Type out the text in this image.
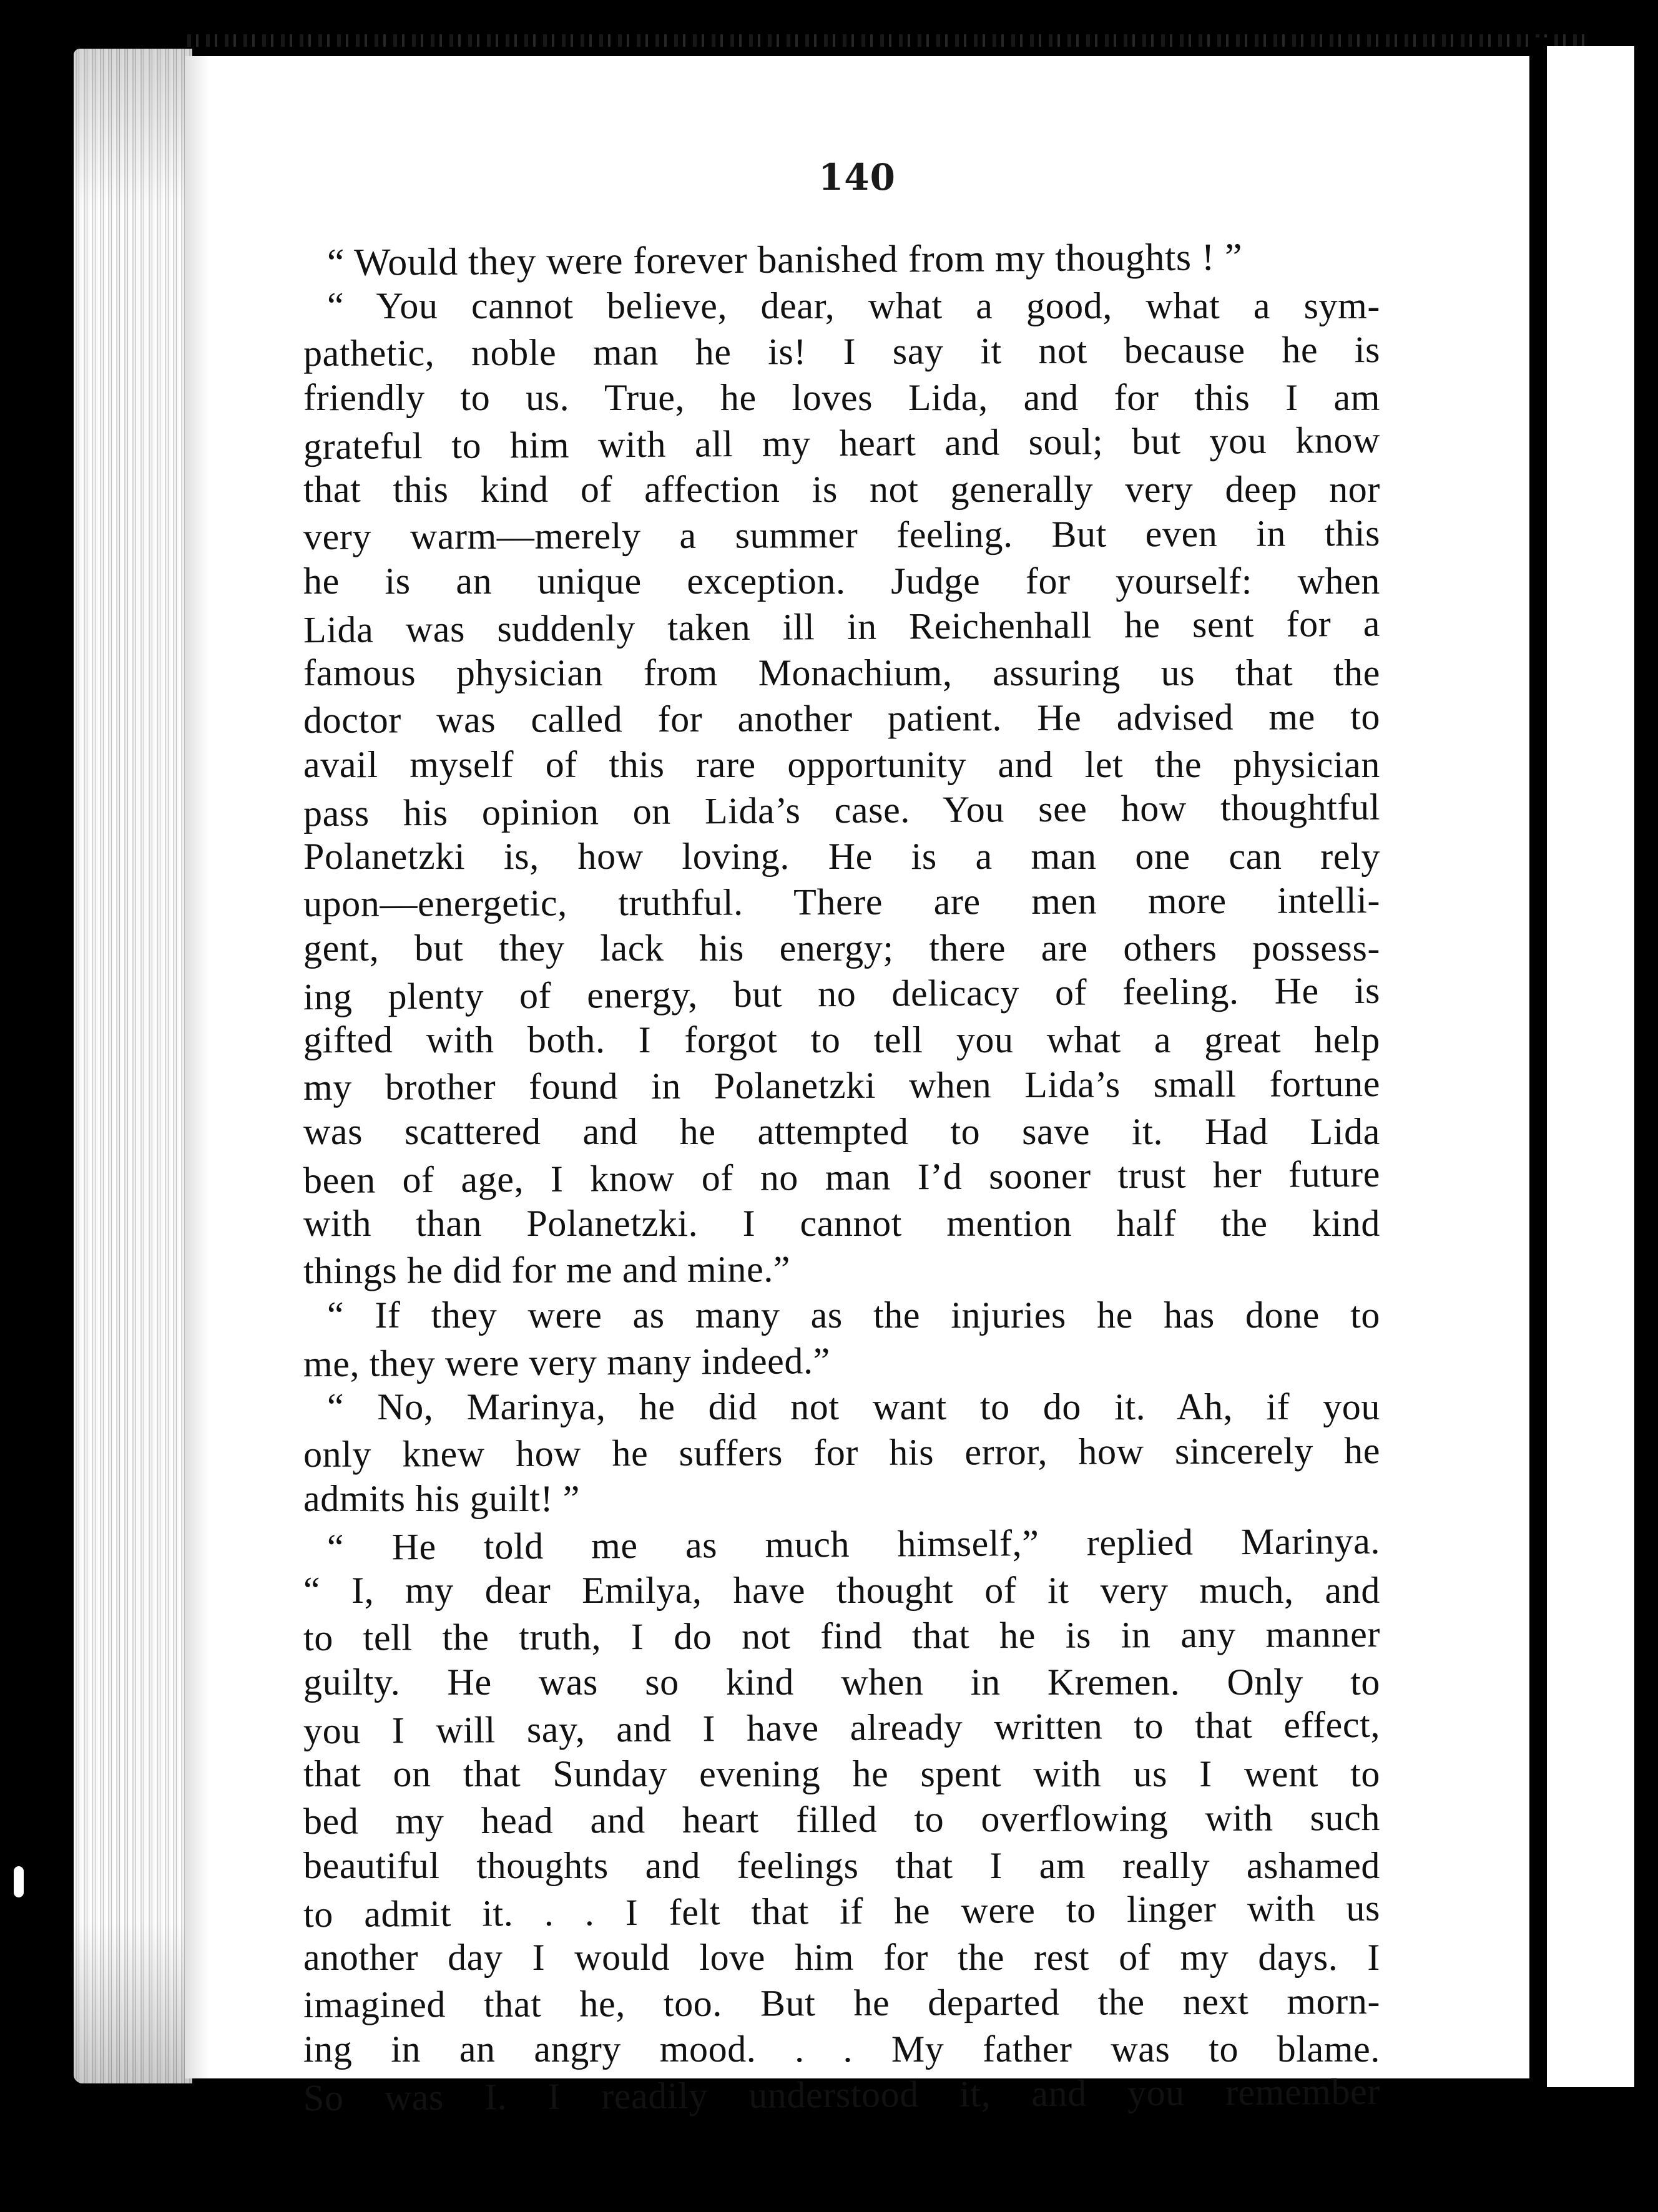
140
“ Would they were forever banished from my thoughts ! ”
“ You cannot believe, dear, what a good, what a sym-
pathetic, noble man he is! I say it not because he is
friendly to us. True, he loves Lida, and for this I am
grateful to him with all my heart and soul; but you know
that this kind of affection is not generally very deep nor
very warm—merely a summer feeling. But even in this
he is an unique exception. Judge for yourself: when
Lida was suddenly taken ill in Reichenhall he sent for a
famous physician from Monachium, assuring us that the
doctor was called for another patient. He advised me to
avail myself of this rare opportunity and let the physician
pass his opinion on Lida’s case. You see how thoughtful
Polanetzki is, how loving. He is a man one can rely
upon—energetic, truthful. There are men more intelli-
gent, but they lack his energy; there are others possess-
ing plenty of energy, but no delicacy of feeling. He is
gifted with both. I forgot to tell you what a great help
my brother found in Polanetzki when Lida’s small fortune
was scattered and he attempted to save it. Had Lida
been of age, I know of no man I’d sooner trust her future
with than Polanetzki. I cannot mention half the kind
things he did for me and mine.”
“ If they were as many as the injuries he has done to
me, they were very many indeed.”
“ No, Marinya, he did not want to do it. Ah, if you
only knew how he suffers for his error, how sincerely he
admits his guilt! ”
“ He told me as much himself,” replied Marinya.
“ I, my dear Emilya, have thought of it very much, and
to tell the truth, I do not find that he is in any manner
guilty. He was so kind when in Kremen. Only to
you I will say, and I have already written to that effect,
that on that Sunday evening he spent with us I went to
bed my head and heart filled to overflowing with such
beautiful thoughts and feelings that I am really ashamed
to admit it. . . I felt that if he were to linger with us
another day I would love him for the rest of my days. I
imagined that he, too. But he departed the next morn-
ing in an angry mood. . . My father was to blame.
So was I. I readily understood it, and you remember
